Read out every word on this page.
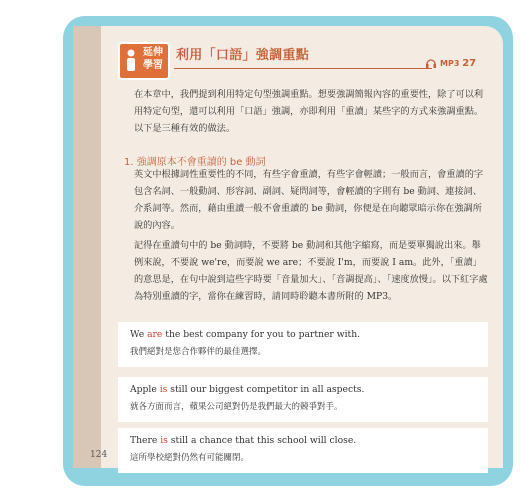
延伸
學習
利用「口語」強調重點
MP3 27
在本章中，我們提到利用特定句型強調重點。想要強調簡報內容的重要性，除了可以利用特定句型，還可以利用「口語」強調，亦即利用「重讀」某些字的方式來強調重點。以下是三種有效的做法。
1. 強調原本不會重讀的 be 動詞
英文中根據詞性重要性的不同，有些字會重讀，有些字會輕讀；一般而言，會重讀的字包含名詞、一般動詞、形容詞、副詞、疑問詞等，會輕讀的字則有 be 動詞、連接詞、介系詞等。然而，藉由重讀一般不會重讀的 be 動詞，你便是在向聽眾暗示你在強調所說的內容。
記得在重讀句中的 be 動詞時，不要將 be 動詞和其他字縮寫，而是要單獨說出來。舉例來說，不要說 we're，而要說 we are；不要說 I'm，而要說 I am。此外，「重讀」的意思是，在句中說到這些字時要「音量加大」、「音調提高」、「速度放慢」。以下紅字處為特別重讀的字，當你在練習時，請同時聆聽本書所附的 MP3。
We are the best company for you to partner with.
我們絕對是您合作夥伴的最佳選擇。
Apple is still our biggest competitor in all aspects.
就各方面而言，蘋果公司絕對仍是我們最大的競爭對手。
There is still a chance that this school will close.
這所學校絕對仍然有可能關閉。
124
